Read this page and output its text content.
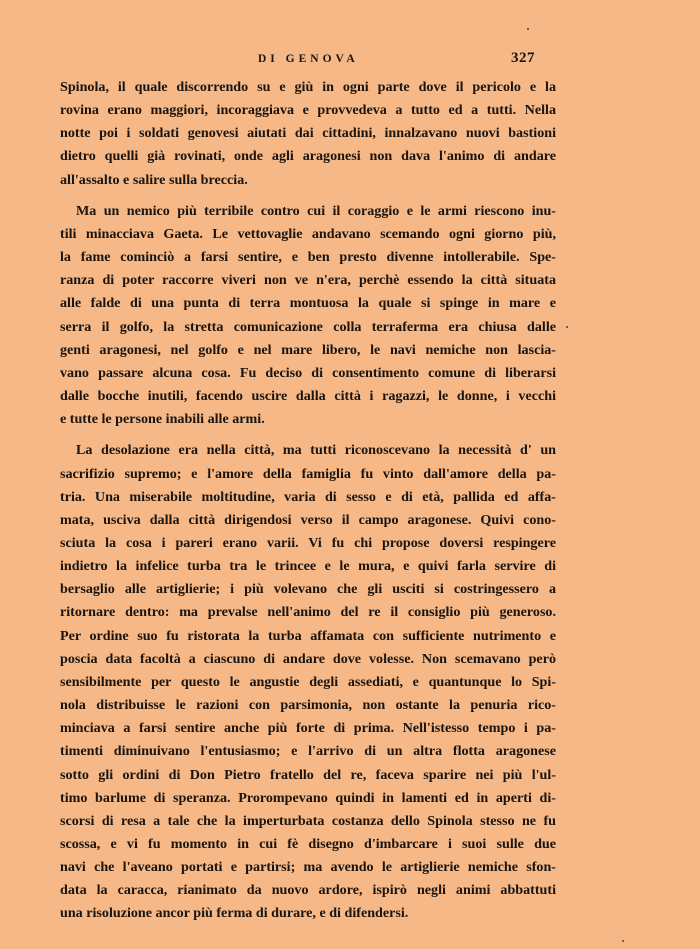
DI GENOVA	327

Spinola, il quale discorrendo su e giù in ogni parte dove il pericolo e la
rovina erano maggiori, incoraggiava e provvedeva a tutto ed a tutti. Nella
notte poi i soldati genovesi aiutati dai cittadini, innalzavano nuovi bastioni
dietro quelli già rovinati, onde agli aragonesi non dava l'animo di andare
all'assalto e salire sulla breccia.

Ma un nemico più terribile contro cui il coraggio e le armi riescono inu-
tili minacciava Gaeta. Le vettovaglie andavano scemando ogni giorno più,
la fame cominciò a farsi sentire, e ben presto divenne intollerabile. Spe-
ranza di poter raccorre viveri non ve n'era, perchè essendo la città situata
alle falde di una punta di terra montuosa la quale si spinge in mare e
serra il golfo, la stretta comunicazione colla terraferma era chiusa dalle
genti aragonesi, nel golfo e nel mare libero, le navi nemiche non lascia-
vano passare alcuna cosa. Fu deciso di consentimento comune di liberarsi
dalle bocche inutili, facendo uscire dalla città i ragazzi, le donne, i vecchi
e tutte le persone inabili alle armi.

La desolazione era nella città, ma tutti riconoscevano la necessità d' un
sacrifizio supremo; e l'amore della famiglia fu vinto dall'amore della pa-
tria. Una miserabile moltitudine, varia di sesso e di età, pallida ed affa-
mata, usciva dalla città dirigendosi verso il campo aragonese. Quivi cono-
sciuta la cosa i pareri erano varii. Vi fu chi propose doversi respingere
indietro la infelice turba tra le trincee e le mura, e quivi farla servire di
bersaglio alle artiglierie; i più volevano che gli usciti si costringessero a
ritornare dentro: ma prevalse nell'animo del re il consiglio più generoso.
Per ordine suo fu ristorata la turba affamata con sufficiente nutrimento e
poscia data facoltà a ciascuno di andare dove volesse. Non scemavano però
sensibilmente per questo le angustie degli assediati, e quantunque lo Spi-
nola distribuisse le razioni con parsimonia, non ostante la penuria rico-
minciava a farsi sentire anche più forte di prima. Nell'istesso tempo i pa-
timenti diminuivano l'entusiasmo; e l'arrivo di un altra flotta aragonese
sotto gli ordini di Don Pietro fratello del re, faceva sparire nei più l'ul-
timo barlume di speranza. Prorompevano quindi in lamenti ed in aperti di-
scorsi di resa a tale che la imperturbata costanza dello Spinola stesso ne fu
scossa, e vi fu momento in cui fè disegno d'imbarcare i suoi sulle due
navi che l'aveano portati e partirsi; ma avendo le artiglierie nemiche sfon-
data la caracca, rianimato da nuovo ardore, ispirò negli animi abbattuti
una risoluzione ancor più ferma di durare, e di difendersi.
